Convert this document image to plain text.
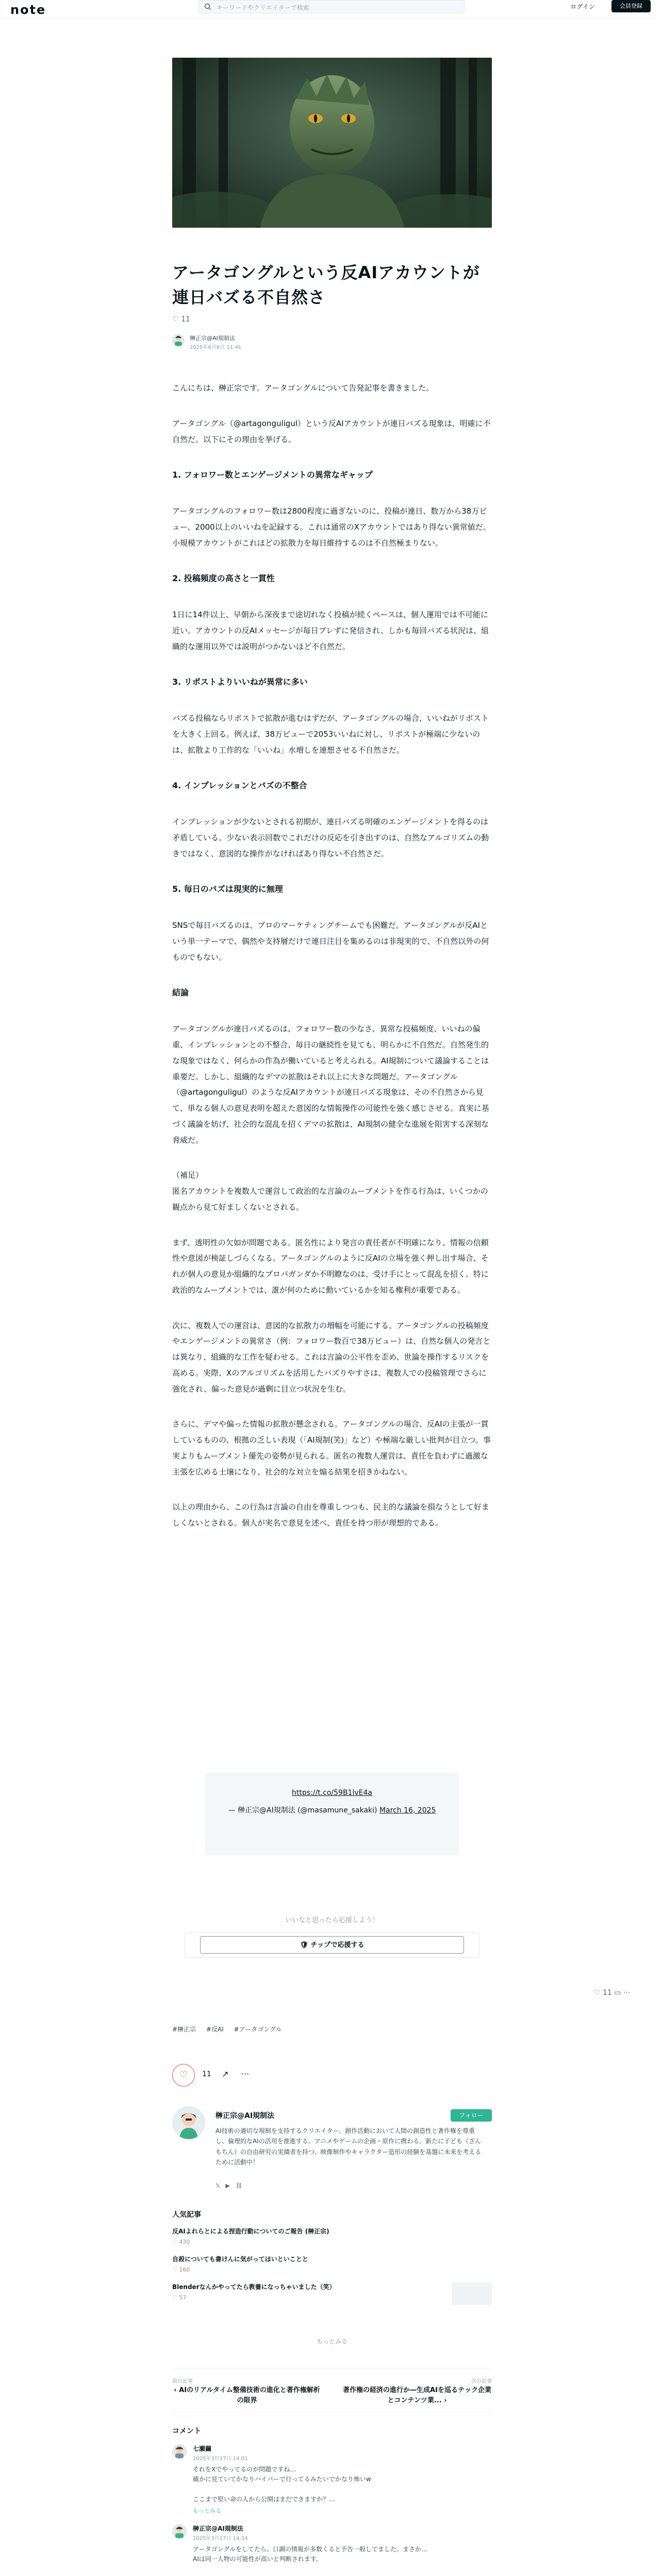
note	キーワードやクリエイターで検索	ログイン	会員登録
アータゴングルという反AIアカウントが連日バズる不自然さ
♡ 11
榊正宗@AI規制法
2025年6月6日 11:41

こんにちは、榊正宗です。アータゴングルについて告発記事を書きました。

アータゴングル（@artagonguligul）という反AIアカウントが連日バズる現象は、明確に不自然だ。以下にその理由を挙げる。

1. フォロワー数とエンゲージメントの異常なギャップ

アータゴングルのフォロワー数は2800程度に過ぎないのに、投稿が連日、数万から38万ビュー、2000以上のいいねを記録する。これは通常のXアカウントではあり得ない異常値だ。小規模アカウントがこれほどの拡散力を毎日維持するのは不自然極まりない。

2. 投稿頻度の高さと一貫性

1日に14件以上、早朝から深夜まで途切れなく投稿が続くペースは、個人運用では不可能に近い。アカウントの反AIメッセージが毎日ブレずに発信され、しかも毎回バズる状況は、組織的な運用以外では説明がつかないほど不自然だ。

3. リポストよりいいねが異常に多い

バズる投稿ならリポストで拡散が進むはずだが、アータゴングルの場合、いいねがリポストを大きく上回る。例えば、38万ビューで2053いいねに対し、リポストが極端に少ないのは、拡散より工作的な「いいね」水増しを連想させる不自然さだ。

4. インプレッションとバズの不整合

インプレッションが少ないとされる初期が、連日バズる明確のエンゲージメントを得るのは矛盾している。少ない表示回数でこれだけの反応を引き出すのは、自然なアルゴリズムの動きではなく、意図的な操作がなければあり得ない不自然さだ。

5. 毎日のバズは現実的に無理

SNSで毎日バズるのは、プロのマーケティングチームでも困難だ。アータゴングルが反AIという単一テーマで、偶然や支持層だけで連日注目を集めるのは非現実的で、不自然以外の何ものでもない。

結論

アータゴングルが連日バズるのは、フォロワー数の少なさ、異常な投稿頻度、いいねの偏重、インプレッションとの不整合、毎日の継続性を見ても、明らかに不自然だ。自然発生的な現象ではなく、何らかの作為が働いていると考えられる。AI規制について議論することは重要だ。しかし、組織的なデマの拡散はそれ以上に大きな問題だ。アータゴングル（@artagonguligul）のような反AIアカウントが連日バズる現象は、その不自然さから見て、単なる個人の意見表明を超えた意図的な情報操作の可能性を強く感じさせる。真実に基づく議論を妨げ、社会的な混乱を招くデマの拡散は、AI規制の健全な進展を阻害する深刻な脅威だ。

（補足）
匿名アカウントを複数人で運営して政治的な言論のムーブメントを作る行為は、いくつかの観点から見て好ましくないとされる。

まず、透明性の欠如が問題である。匿名性により発言の責任者が不明確になり、情報の信頼性や意図が検証しづらくなる。アータゴングルのように反AIの立場を強く押し出す場合、それが個人の意見か組織的なプロパガンダか不明瞭なのは、受け手にとって混乱を招く。特に政治的なムーブメントでは、誰が何のために動いているかを知る権利が重要である。

次に、複数人での運営は、意図的な拡散力の増幅を可能にする。アータゴングルの投稿頻度やエンゲージメントの異常さ（例：フォロワー数百で38万ビュー）は、自然な個人の発言とは異なり、組織的な工作を疑わせる。これは言論の公平性を歪め、世論を操作するリスクを高める。実際、Xのアルゴリズムを活用したバズりやすさは、複数人での投稿管理でさらに強化され、偏った意見が過剰に目立つ状況を生む。

さらに、デマや偏った情報の拡散が懸念される。アータゴングルの場合、反AIの主張が一貫しているものの、根拠の乏しい表現（「AI規制(笑)」など）や極端な厳しい批判が目立つ。事実よりもムーブメント優先の姿勢が見られる。匿名の複数人運営は、責任を負わずに過激な主張を広める土壌になり、社会的な対立を煽る結果を招きかねない。

以上の理由から、この行為は言論の自由を尊重しつつも、民主的な議論を損なうとして好ましくないとされる。個人が実名で意見を述べ、責任を持つ形が理想的である。

https://t.co/59B1lvE4a
— 榊正宗@AI規制法 (@masamune_sakaki) March 16, 2025
いいなと思ったら応援しよう！
🛡 チップで応援する
♡ 11 ▭ ···
#榊正宗 #反AI #アータゴングル
♡ 11 ↗ ···
榊正宗@AI規制法	フォロー
AI技術の適切な規制を支持するクリエイター。創作活動において人間の創造性と著作権を尊重し、倫理的なAIの活用を推進する。アニメやゲームの企画・原作に携わる。新たに子ども（ざんもちん）の自由研究の実績者を持つ、映像制作やキャラクター造形の経験を基盤に未来を考えるために活動中！
𝕏 ▶ ⛓
人気記事
反AIよれらとによる捏造行動についてのご報告 (榊正宗)
♡ 430
自殺についても書けんに気がってほいといことと
♡ 160
Blenderなんかやってたら教養になっちゃいました（笑）
♡ 57
もっとみる
前の記事
‹ AIのリアルタイム整備技術の進化と著作権解析の限界
次の記事
著作権の経済の進行か—生成AIを巡るテック企業とコンテンツ業... ›
コメント
七瀬繭
2025年3月17日 14:01
それをXでやってるのが問題ですね…
確かに見ていてかなりハイパーで行ってるみたいでかなり怖いw

ここまで堅い命の人から公開はまだできますか？…
もっとみる
榊正宗@AI規制法
2025年3月17日 14:34
アータゴングルをしてたら、口調の情報が多数くると予告一般してました。まさか…
AIは同一人物の可能性が高いと判断されます。
